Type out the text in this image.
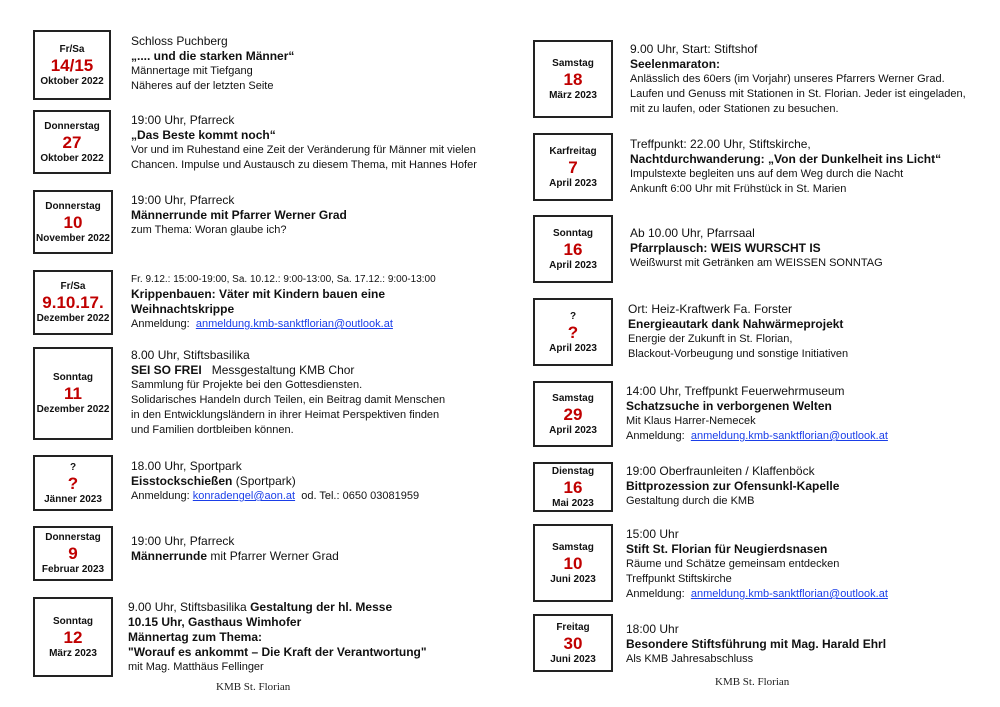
Fr/Sa
14/15
Oktober 2022
Schloss Puchberg
„.... und die starken Männer“
Männertage mit Tiefgang
Näheres auf der letzten Seite
Donnerstag
27
Oktober 2022
19:00 Uhr, Pfarreck
„Das Beste kommt noch“
Vor und im Ruhestand eine Zeit der Veränderung für Männer mit vielen
Chancen. Impulse und Austausch zu diesem Thema, mit Hannes Hofer
Donnerstag
10
November 2022
19:00 Uhr, Pfarreck
Männerrunde mit Pfarrer Werner Grad
zum Thema: Woran glaube ich?
Fr/Sa
9.10.17.
Dezember 2022
Fr. 9.12.: 15:00-19:00, Sa. 10.12.: 9:00-13:00, Sa. 17.12.: 9:00-13:00
Krippenbauen: Väter mit Kindern bauen eine
Weihnachtskrippe
Anmeldung: anmeldung.kmb-sanktflorian@outlook.at
Sonntag
11
Dezember 2022
8.00 Uhr, Stiftsbasilika
SEI SO FREI Messgestaltung KMB Chor
Sammlung für Projekte bei den Gottesdiensten.
Solidarisches Handeln durch Teilen, ein Beitrag damit Menschen
in den Entwicklungsländern in ihrer Heimat Perspektiven finden
und Familien dortbleiben können.
?
?
Jänner 2023
18.00 Uhr, Sportpark
Eisstockschießen (Sportpark)
Anmeldung: konradengel@aon.at od. Tel.: 0650 03081959
Donnerstag
9
Februar 2023
19:00 Uhr, Pfarreck
Männerrunde mit Pfarrer Werner Grad
Sonntag
12
März 2023
9.00 Uhr, Stiftsbasilika Gestaltung der hl. Messe
10.15 Uhr, Gasthaus Wimhofer
Männertag zum Thema:
"Worauf es ankommt – Die Kraft der Verantwortung"
mit Mag. Matthäus Fellinger
KMB St. Florian
Samstag
18
März 2023
9.00 Uhr, Start: Stiftshof
Seelenmaraton:
Anlässlich des 60ers (im Vorjahr) unseres Pfarrers Werner Grad.
Laufen und Genuss mit Stationen in St. Florian. Jeder ist eingeladen,
mit zu laufen, oder Stationen zu besuchen.
Karfreitag
7
April 2023
Treffpunkt: 22.00 Uhr, Stiftskirche,
Nachtdurchwanderung: „Von der Dunkelheit ins Licht“
Impulstexte begleiten uns auf dem Weg durch die Nacht
Ankunft 6:00 Uhr mit Frühstück in St. Marien
Sonntag
16
April 2023
Ab 10.00 Uhr, Pfarrsaal
Pfarrplausch: WEIS WURSCHT IS
Weißwurst mit Getränken am WEISSEN SONNTAG
?
?
April 2023
Ort: Heiz-Kraftwerk Fa. Forster
Energieautark dank Nahwärmeprojekt
Energie der Zukunft in St. Florian,
Blackout-Vorbeugung und sonstige Initiativen
Samstag
29
April 2023
14:00 Uhr, Treffpunkt Feuerwehrmuseum
Schatzsuche in verborgenen Welten
Mit Klaus Harrer-Nemecek
Anmeldung: anmeldung.kmb-sanktflorian@outlook.at
Dienstag
16
Mai 2023
19:00 Oberfraunleiten / Klaffenböck
Bittprozession zur Ofensunkl-Kapelle
Gestaltung durch die KMB
Samstag
10
Juni 2023
15:00 Uhr
Stift St. Florian für Neugierdsnasen
Räume und Schätze gemeinsam entdecken
Treffpunkt Stiftskirche
Anmeldung: anmeldung.kmb-sanktflorian@outlook.at
Freitag
30
Juni 2023
18:00 Uhr
Besondere Stiftsführung mit Mag. Harald Ehrl
Als KMB Jahresabschluss
KMB St. Florian
